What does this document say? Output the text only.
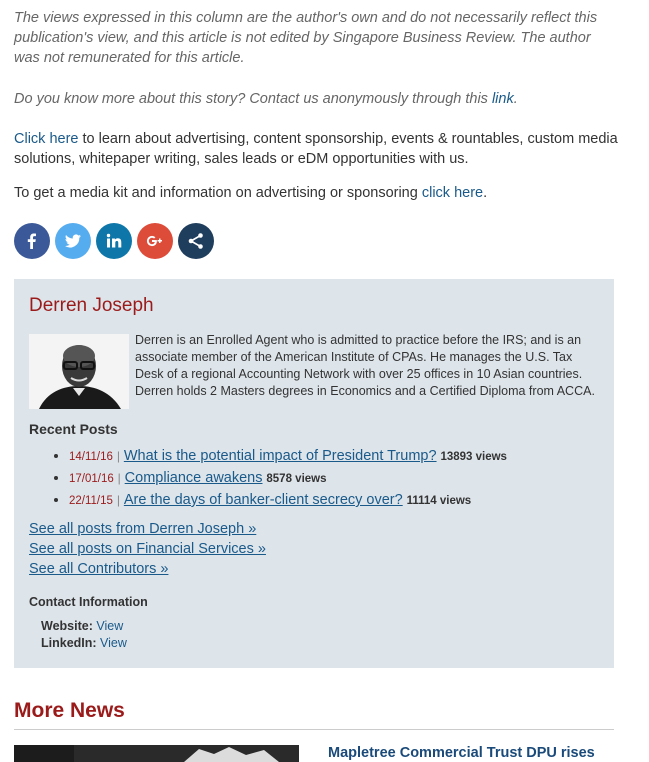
The views expressed in this column are the author's own and do not necessarily reflect this publication's view, and this article is not edited by Singapore Business Review. The author was not remunerated for this article.
Do you know more about this story? Contact us anonymously through this link.
Click here to learn about advertising, content sponsorship, events & rountables, custom media solutions, whitepaper writing, sales leads or eDM opportunities with us.
To get a media kit and information on advertising or sponsoring click here.
Derren Joseph
Derren is an Enrolled Agent who is admitted to practice before the IRS; and is an associate member of the American Institute of CPAs. He manages the U.S. Tax Desk of a regional Accounting Network with over 25 offices in 10 Asian countries. Derren holds 2 Masters degrees in Economics and a Certified Diploma from ACCA.
Recent Posts
• 14/11/16 | What is the potential impact of President Trump? 13893 views
• 17/01/16 | Compliance awakens 8578 views
• 22/11/15 | Are the days of banker-client secrecy over? 11114 views
See all posts from Derren Joseph »
See all posts on Financial Services »
See all Contributors »
Contact Information
Website: View
LinkedIn: View
More News
Mapletree Commercial Trust DPU rises
